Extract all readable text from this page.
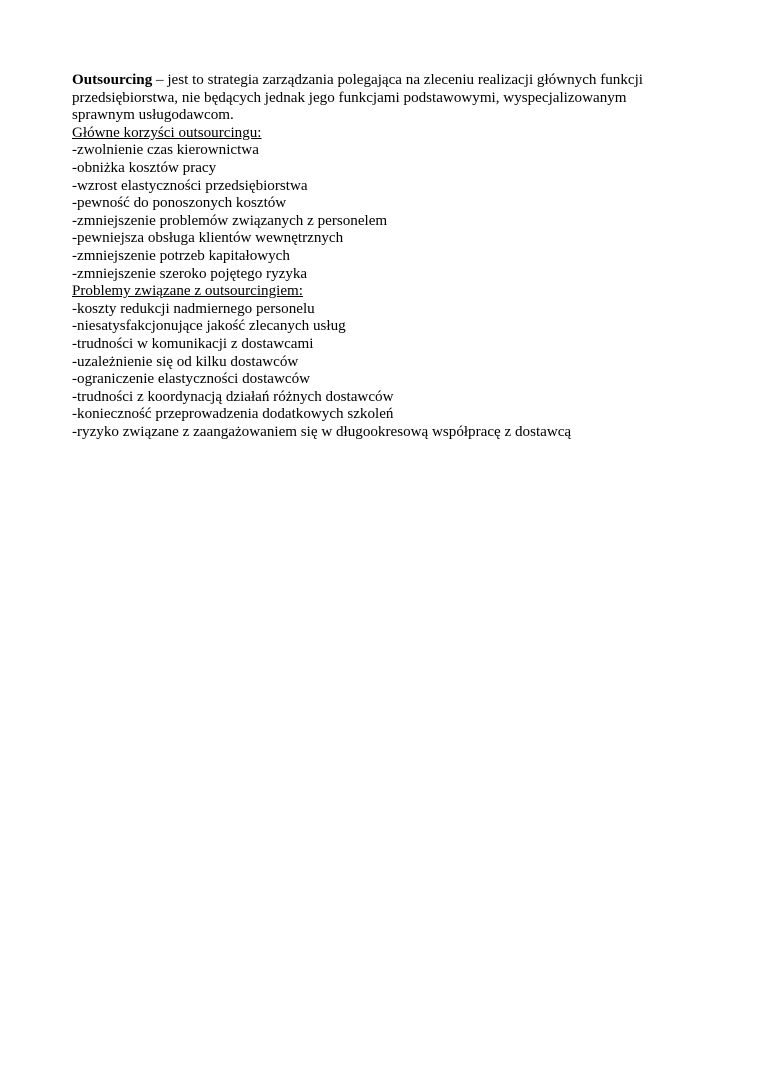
Outsourcing – jest to strategia zarządzania polegająca na zleceniu realizacji głównych funkcji przedsiębiorstwa, nie będących jednak jego funkcjami podstawowymi, wyspecjalizowanym sprawnym usługodawcom.

Główne korzyści outsourcingu:

-zwolnienie czas kierownictwa
-obniżka kosztów pracy
-wzrost elastyczności przedsiębiorstwa
-pewność do ponoszonych kosztów
-zmniejszenie problemów związanych z personelem
-pewniejsza obsługa klientów wewnętrznych
-zmniejszenie potrzeb kapitałowych
-zmniejszenie szeroko pojętego ryzyka

Problemy związane z outsourcingiem:

-koszty redukcji nadmiernego personelu
-niesatysfakcjonujące jakość zlecanych usług
-trudności w komunikacji z dostawcami
-uzależnienie się od kilku dostawców
-ograniczenie elastyczności dostawców
-trudności z koordynacją działań różnych dostawców
-konieczność przeprowadzenia dodatkowych szkoleń
-ryzyko związane z zaangażowaniem się w długookresową współpracę z dostawcą
